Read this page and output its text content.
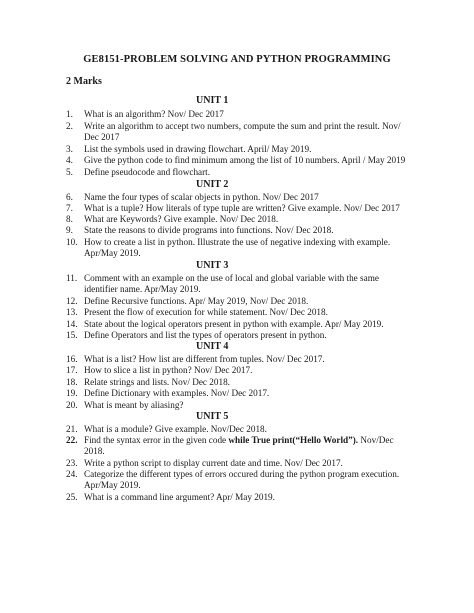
GE8151-PROBLEM SOLVING AND PYTHON PROGRAMMING
2 Marks
UNIT 1
1. What is an algorithm? Nov/ Dec 2017
2. Write an algorithm to accept two numbers, compute the sum and print the result. Nov/
Dec 2017
3. List the symbols used in drawing flowchart. April/ May 2019.
4. Give the python code to find minimum among the list of 10 numbers. April / May 2019
5. Define pseudocode and flowchart.
UNIT 2
6. Name the four types of scalar objects in python. Nov/ Dec 2017
7. What is a tuple? How literals of type tuple are written? Give example. Nov/ Dec 2017
8. What are Keywords? Give example. Nov/ Dec 2018.
9. State the reasons to divide programs into functions. Nov/ Dec 2018.
10. How to create a list in python. Illustrate the use of negative indexing with example.
Apr/May 2019.
UNIT 3
11. Comment with an example on the use of local and global variable with the same
identifier name. Apr/May 2019.
12. Define Recursive functions. Apr/ May 2019, Nov/ Dec 2018.
13. Present the flow of execution for while statement. Nov/ Dec 2018.
14. State about the logical operators present in python with example. Apr/ May 2019.
15. Define Operators and list the types of operators present in python.
UNIT 4
16. What is a list? How list are different from tuples. Nov/ Dec 2017.
17. How to slice a list in python? Nov/ Dec 2017.
18. Relate strings and lists. Nov/ Dec 2018.
19. Define Dictionary with examples. Nov/ Dec 2017.
20. What is meant by aliasing?
UNIT 5
21. What is a module? Give example. Nov/Dec 2018.
22. Find the syntax error in the given code while True print(“Hello World”). Nov/Dec
2018.
23. Write a python script to display current date and time. Nov/ Dec 2017.
24. Categorize the different types of errors occured during the python program execution.
Apr/May 2019.
25. What is a command line argument? Apr/ May 2019.
